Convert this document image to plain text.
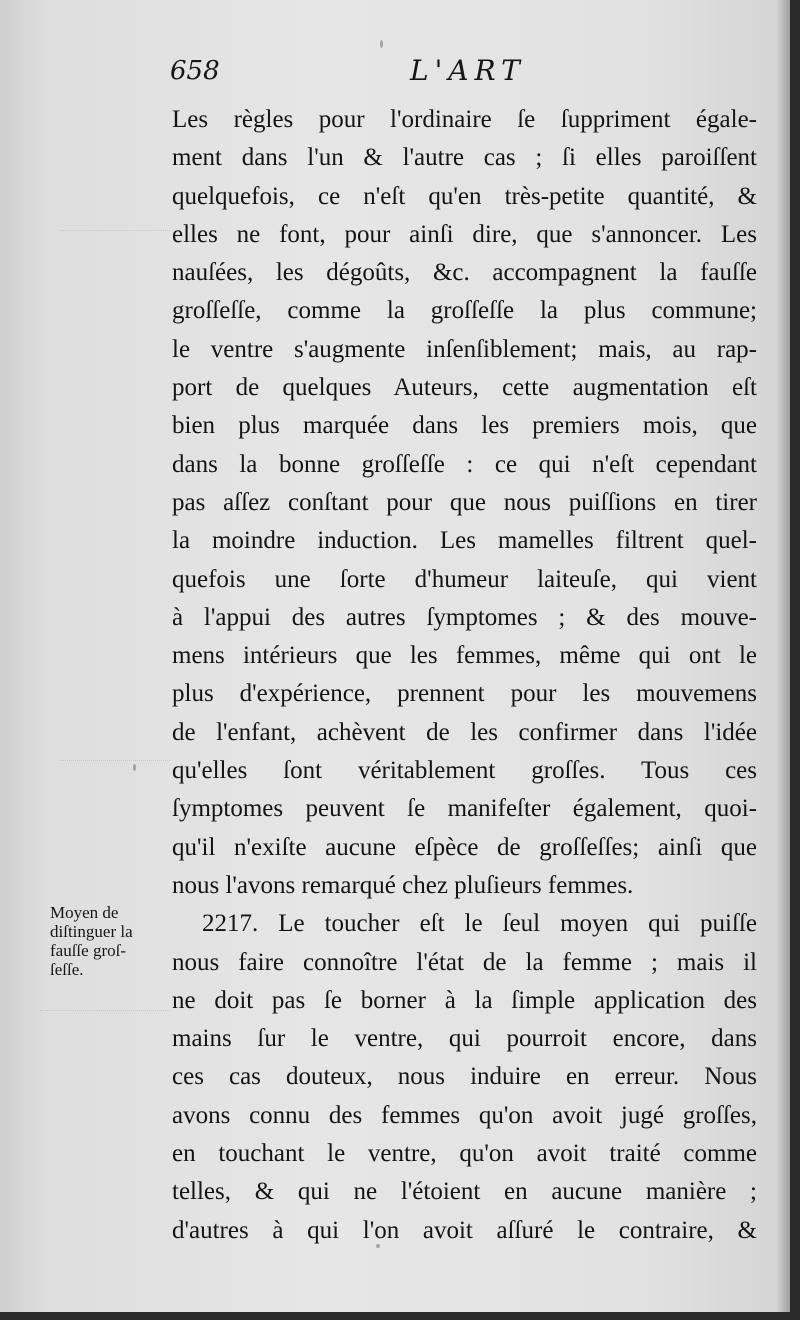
658	L'ART
Moyen de
diſtinguer la
fauſſe groſ-
ſeſſe.
Les règles pour l'ordinaire ſe ſuppriment égale-
ment dans l'un & l'autre cas ; ſi elles paroiſſent
quelquefois, ce n'eſt qu'en très-petite quantité, &
elles ne font, pour ainſi dire, que s'annoncer. Les
nauſées, les dégoûts, &c. accompagnent la fauſſe
groſſeſſe, comme la groſſeſſe la plus commune;
le ventre s'augmente inſenſiblement; mais, au rap-
port de quelques Auteurs, cette augmentation eſt
bien plus marquée dans les premiers mois, que
dans la bonne groſſeſſe : ce qui n'eſt cependant
pas aſſez conſtant pour que nous puiſſions en tirer
la moindre induction. Les mamelles filtrent quel-
quefois une ſorte d'humeur laiteuſe, qui vient
à l'appui des autres ſymptomes ; & des mouve-
mens intérieurs que les femmes, même qui ont le
plus d'expérience, prennent pour les mouvemens
de l'enfant, achèvent de les confirmer dans l'idée
qu'elles ſont véritablement groſſes. Tous ces
ſymptomes peuvent ſe manifeſter également, quoi-
qu'il n'exiſte aucune eſpèce de groſſeſſes; ainſi que
nous l'avons remarqué chez pluſieurs femmes.
2217. Le toucher eſt le ſeul moyen qui puiſſe
nous faire connoître l'état de la femme ; mais il
ne doit pas ſe borner à la ſimple application des
mains ſur le ventre, qui pourroit encore, dans
ces cas douteux, nous induire en erreur. Nous
avons connu des femmes qu'on avoit jugé groſſes,
en touchant le ventre, qu'on avoit traité comme
telles, & qui ne l'étoient en aucune manière ;
d'autres à qui l'on avoit aſſuré le contraire, &
